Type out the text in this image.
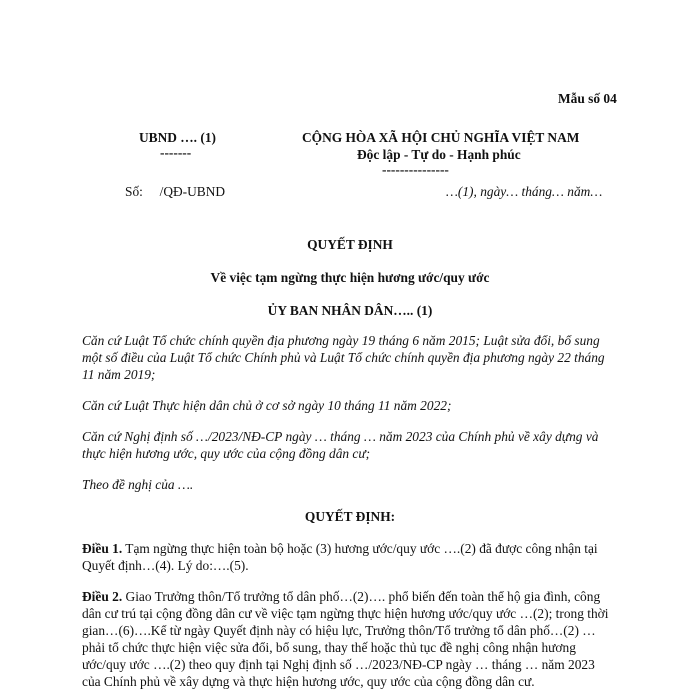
Mẫu số 04
UBND …. (1)
-------
CỘNG HÒA XÃ HỘI CHỦ NGHĨA VIỆT NAM
Độc lập - Tự do - Hạnh phúc
---------------
Số:     /QĐ-UBND	…(1), ngày… tháng… năm…
QUYẾT ĐỊNH
Về việc tạm ngừng thực hiện hương ước/quy ước
ỦY BAN NHÂN DÂN….. (1)
Căn cứ Luật Tổ chức chính quyền địa phương ngày 19 tháng 6 năm 2015; Luật sửa đổi, bổ sung một số điều của Luật Tổ chức Chính phủ và Luật Tổ chức chính quyền địa phương ngày 22 tháng 11 năm 2019;
Căn cứ Luật Thực hiện dân chủ ở cơ sở ngày 10 tháng 11 năm 2022;
Căn cứ Nghị định số …/2023/NĐ-CP ngày … tháng … năm 2023 của Chính phủ về xây dựng và thực hiện hương ước, quy ước của cộng đồng dân cư;
Theo đề nghị của ….
QUYẾT ĐỊNH:
Điều 1. Tạm ngừng thực hiện toàn bộ hoặc (3) hương ước/quy ước ….(2) đã được công nhận tại Quyết định…(4). Lý do:….(5).
Điều 2. Giao Trưởng thôn/Tổ trưởng tổ dân phố…(2)…. phổ biến đến toàn thể hộ gia đình, công dân cư trú tại cộng đồng dân cư về việc tạm ngừng thực hiện hương ước/quy ước …(2); trong thời gian…(6)….Kể từ ngày Quyết định này có hiệu lực, Trưởng thôn/Tổ trưởng tổ dân phố…(2) … phải tổ chức thực hiện việc sửa đổi, bổ sung, thay thế hoặc thủ tục đề nghị công nhận hương ước/quy ước ….(2) theo quy định tại Nghị định số …/2023/NĐ-CP ngày … tháng … năm 2023 của Chính phủ về xây dựng và thực hiện hương ước, quy ước của cộng đồng dân cư.
